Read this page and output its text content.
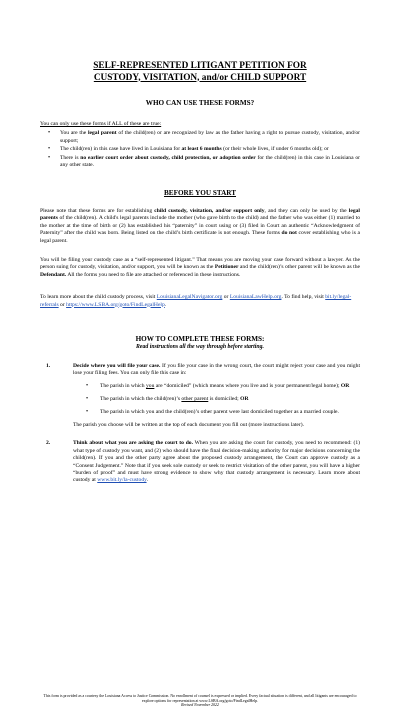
SELF-REPRESENTED LITIGANT PETITION FOR
CUSTODY, VISITATION, and/or CHILD SUPPORT
WHO CAN USE THESE FORMS?

You can only use these forms if ALL of these are true:

• You are the legal parent of the child(ren) or are recognized by law as the father having a right to pursue custody, visitation, and/or support;
• The child(ren) in this case have lived in Louisiana for at least 6 months (or their whole lives, if under 6 months old); or
• There is no earlier court order about custody, child protection, or adoption order for the child(ren) in this case in Louisiana or any other state.
BEFORE YOU START

Please note that these forms are for establishing child custody, visitation, and/or support only, and they can only be used by the legal parents of the child(ren). A child's legal parents include the mother (who gave birth to the child) and the father who was either (1) married to the mother at the time of birth or (2) has established his “paternity” in court using or (3) filed in Court an authentic “Acknowledgment of Paternity” after the child was born. Being listed on the child’s birth certificate is not enough. These forms do not cover establishing who is a legal parent.

You will be filing your custody case as a “self-represented litigant.” That means you are moving your case forward without a lawyer. As the person suing for custody, visitation, and/or support, you will be known as the Petitioner and the child(ren)’s other parent will be known as the Defendant. All the forms you need to file are attached or referenced in these instructions.

To learn more about the child custody process, visit LouisianaLegalNavigator.org or LouisianaLawHelp.org. To find help, visit bit.ly/legal-referrals or https://www.LSBA.org/goto/FindLegalHelp.

HOW TO COMPLETE THESE FORMS:
Read instructions all the way through before starting.
1.	Decide where you will file your case. If you file your case in the wrong court, the court might reject your case and you might lose your filing fees. You can only file this case in:
• The parish in which you are “domiciled” (which means where you live and is your permanent/legal home); OR
• The parish in which the child(ren)’s other parent is domiciled; OR
• The parish in which you and the child(ren)’s other parent were last domiciled together as a married couple.
The parish you choose will be written at the top of each document you fill out (more instructions later).
2.	Think about what you are asking the court to do. When you are asking the court for custody, you need to recommend: (1) what type of custody you want, and (2) who should have the final decision-making authority for major decisions concerning the child(ren). If you and the other party agree about the proposed custody arrangement, the Court can approve custody as a “Consent Judgement.” Note that if you seek sole custody or seek to restrict visitation of the other parent, you will have a higher “burden of proof” and must have strong evidence to show why that custody arrangement is necessary. Learn more about custody at www.bit.ly/la-custody.
This form is provided as a courtesy the Louisiana Access to Justice Commission. No enrollment of counsel is expressed or implied. Every factual situation is different, and all litigants are encouraged to explore options for representation at www.LSBA.org/goto/FindLegalHelp.
Revised November 2022
